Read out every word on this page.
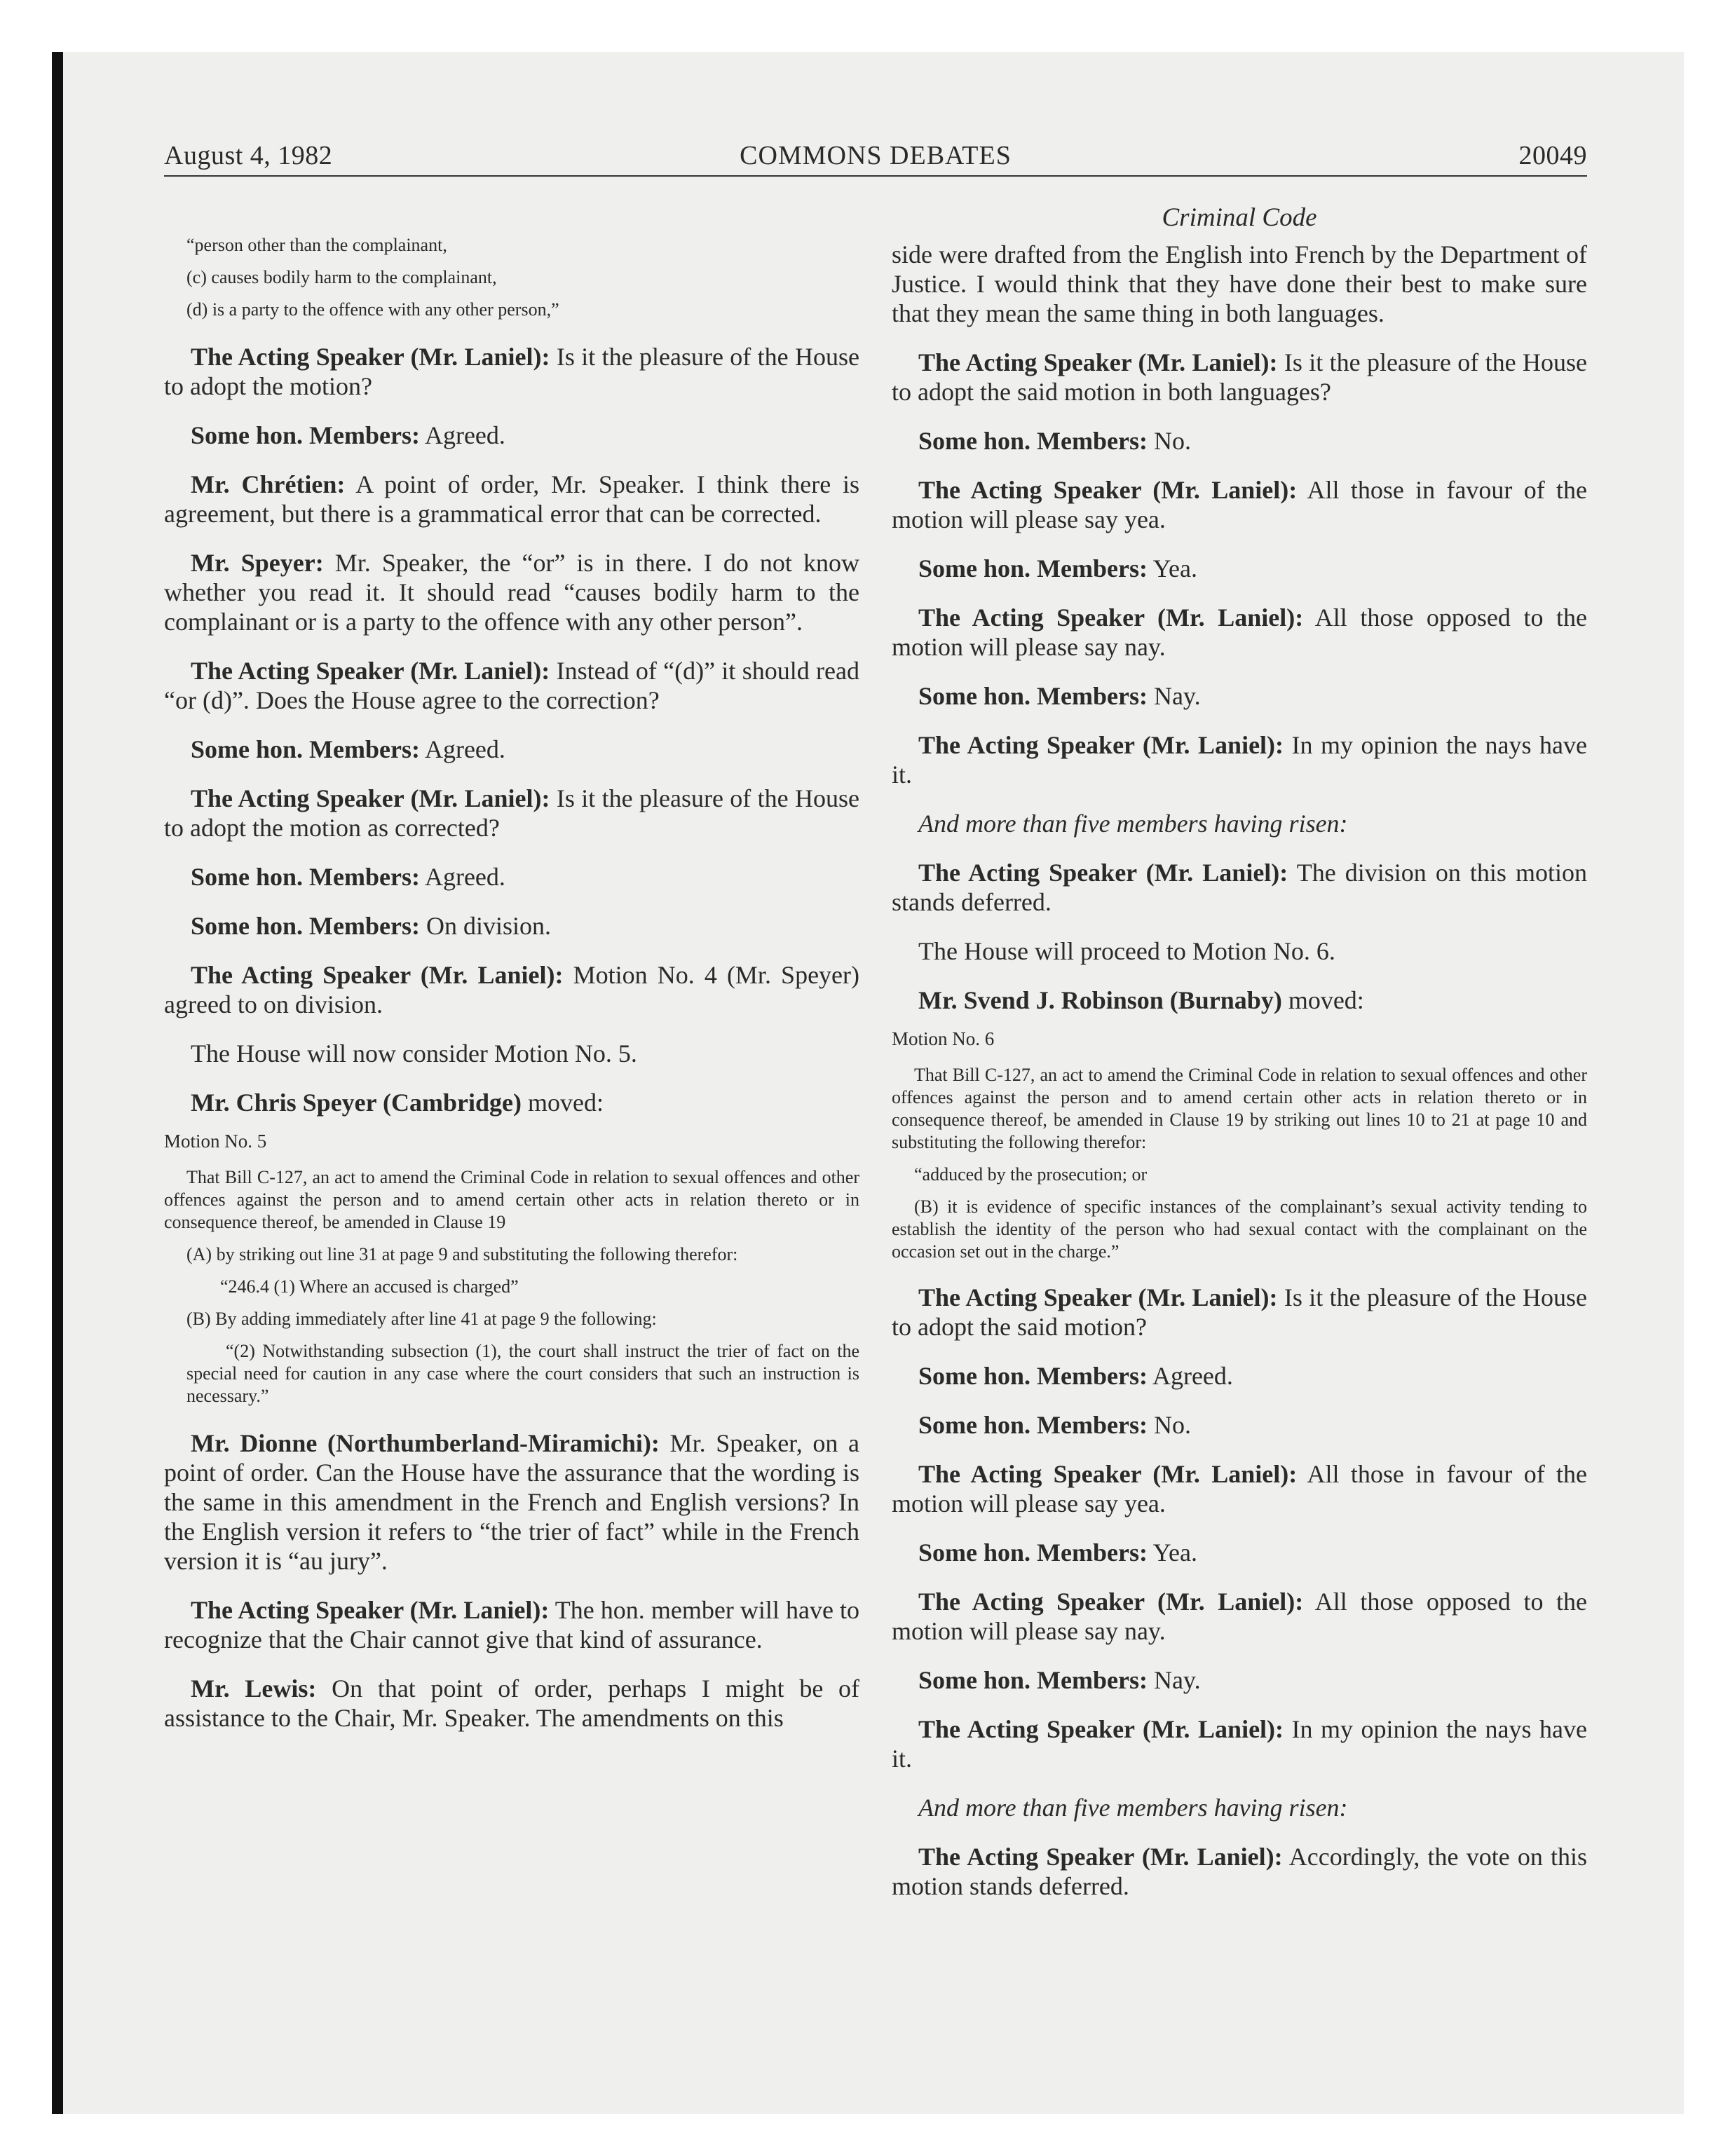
August 4, 1982	COMMONS DEBATES	20049

“person other than the complainant,

(c) causes bodily harm to the complainant,

(d) is a party to the offence with any other person,”

The Acting Speaker (Mr. Laniel): Is it the pleasure of the House to adopt the motion?

Some hon. Members: Agreed.

Mr. Chrétien: A point of order, Mr. Speaker. I think there is agreement, but there is a grammatical error that can be corrected.

Mr. Speyer: Mr. Speaker, the “or” is in there. I do not know whether you read it. It should read “causes bodily harm to the complainant or is a party to the offence with any other person”.

The Acting Speaker (Mr. Laniel): Instead of “(d)” it should read “or (d)”. Does the House agree to the correction?

Some hon. Members: Agreed.

The Acting Speaker (Mr. Laniel): Is it the pleasure of the House to adopt the motion as corrected?

Some hon. Members: Agreed.

Some hon. Members: On division.

The Acting Speaker (Mr. Laniel): Motion No. 4 (Mr. Speyer) agreed to on division.

The House will now consider Motion No. 5.

Mr. Chris Speyer (Cambridge) moved:

Motion No. 5

That Bill C-127, an act to amend the Criminal Code in relation to sexual offences and other offences against the person and to amend certain other acts in relation thereto or in consequence thereof, be amended in Clause 19

(A) by striking out line 31 at page 9 and substituting the following therefor:

“246.4 (1) Where an accused is charged”

(B) By adding immediately after line 41 at page 9 the following:

“(2) Notwithstanding subsection (1), the court shall instruct the trier of fact on the special need for caution in any case where the court considers that such an instruction is necessary.”

Mr. Dionne (Northumberland-Miramichi): Mr. Speaker, on a point of order. Can the House have the assurance that the wording is the same in this amendment in the French and English versions? In the English version it refers to “the trier of fact” while in the French version it is “au jury”.

The Acting Speaker (Mr. Laniel): The hon. member will have to recognize that the Chair cannot give that kind of assurance.

Mr. Lewis: On that point of order, perhaps I might be of assistance to the Chair, Mr. Speaker. The amendments on this

Criminal Code

side were drafted from the English into French by the Department of Justice. I would think that they have done their best to make sure that they mean the same thing in both languages.

The Acting Speaker (Mr. Laniel): Is it the pleasure of the House to adopt the said motion in both languages?

Some hon. Members: No.

The Acting Speaker (Mr. Laniel): All those in favour of the motion will please say yea.

Some hon. Members: Yea.

The Acting Speaker (Mr. Laniel): All those opposed to the motion will please say nay.

Some hon. Members: Nay.

The Acting Speaker (Mr. Laniel): In my opinion the nays have it.

And more than five members having risen:

The Acting Speaker (Mr. Laniel): The division on this motion stands deferred.

The House will proceed to Motion No. 6.

Mr. Svend J. Robinson (Burnaby) moved:

Motion No. 6

That Bill C-127, an act to amend the Criminal Code in relation to sexual offences and other offences against the person and to amend certain other acts in relation thereto or in consequence thereof, be amended in Clause 19 by striking out lines 10 to 21 at page 10 and substituting the following therefor:

“adduced by the prosecution; or

(B) it is evidence of specific instances of the complainant’s sexual activity tending to establish the identity of the person who had sexual contact with the complainant on the occasion set out in the charge.”

The Acting Speaker (Mr. Laniel): Is it the pleasure of the House to adopt the said motion?

Some hon. Members: Agreed.

Some hon. Members: No.

The Acting Speaker (Mr. Laniel): All those in favour of the motion will please say yea.

Some hon. Members: Yea.

The Acting Speaker (Mr. Laniel): All those opposed to the motion will please say nay.

Some hon. Members: Nay.

The Acting Speaker (Mr. Laniel): In my opinion the nays have it.

And more than five members having risen:

The Acting Speaker (Mr. Laniel): Accordingly, the vote on this motion stands deferred.
